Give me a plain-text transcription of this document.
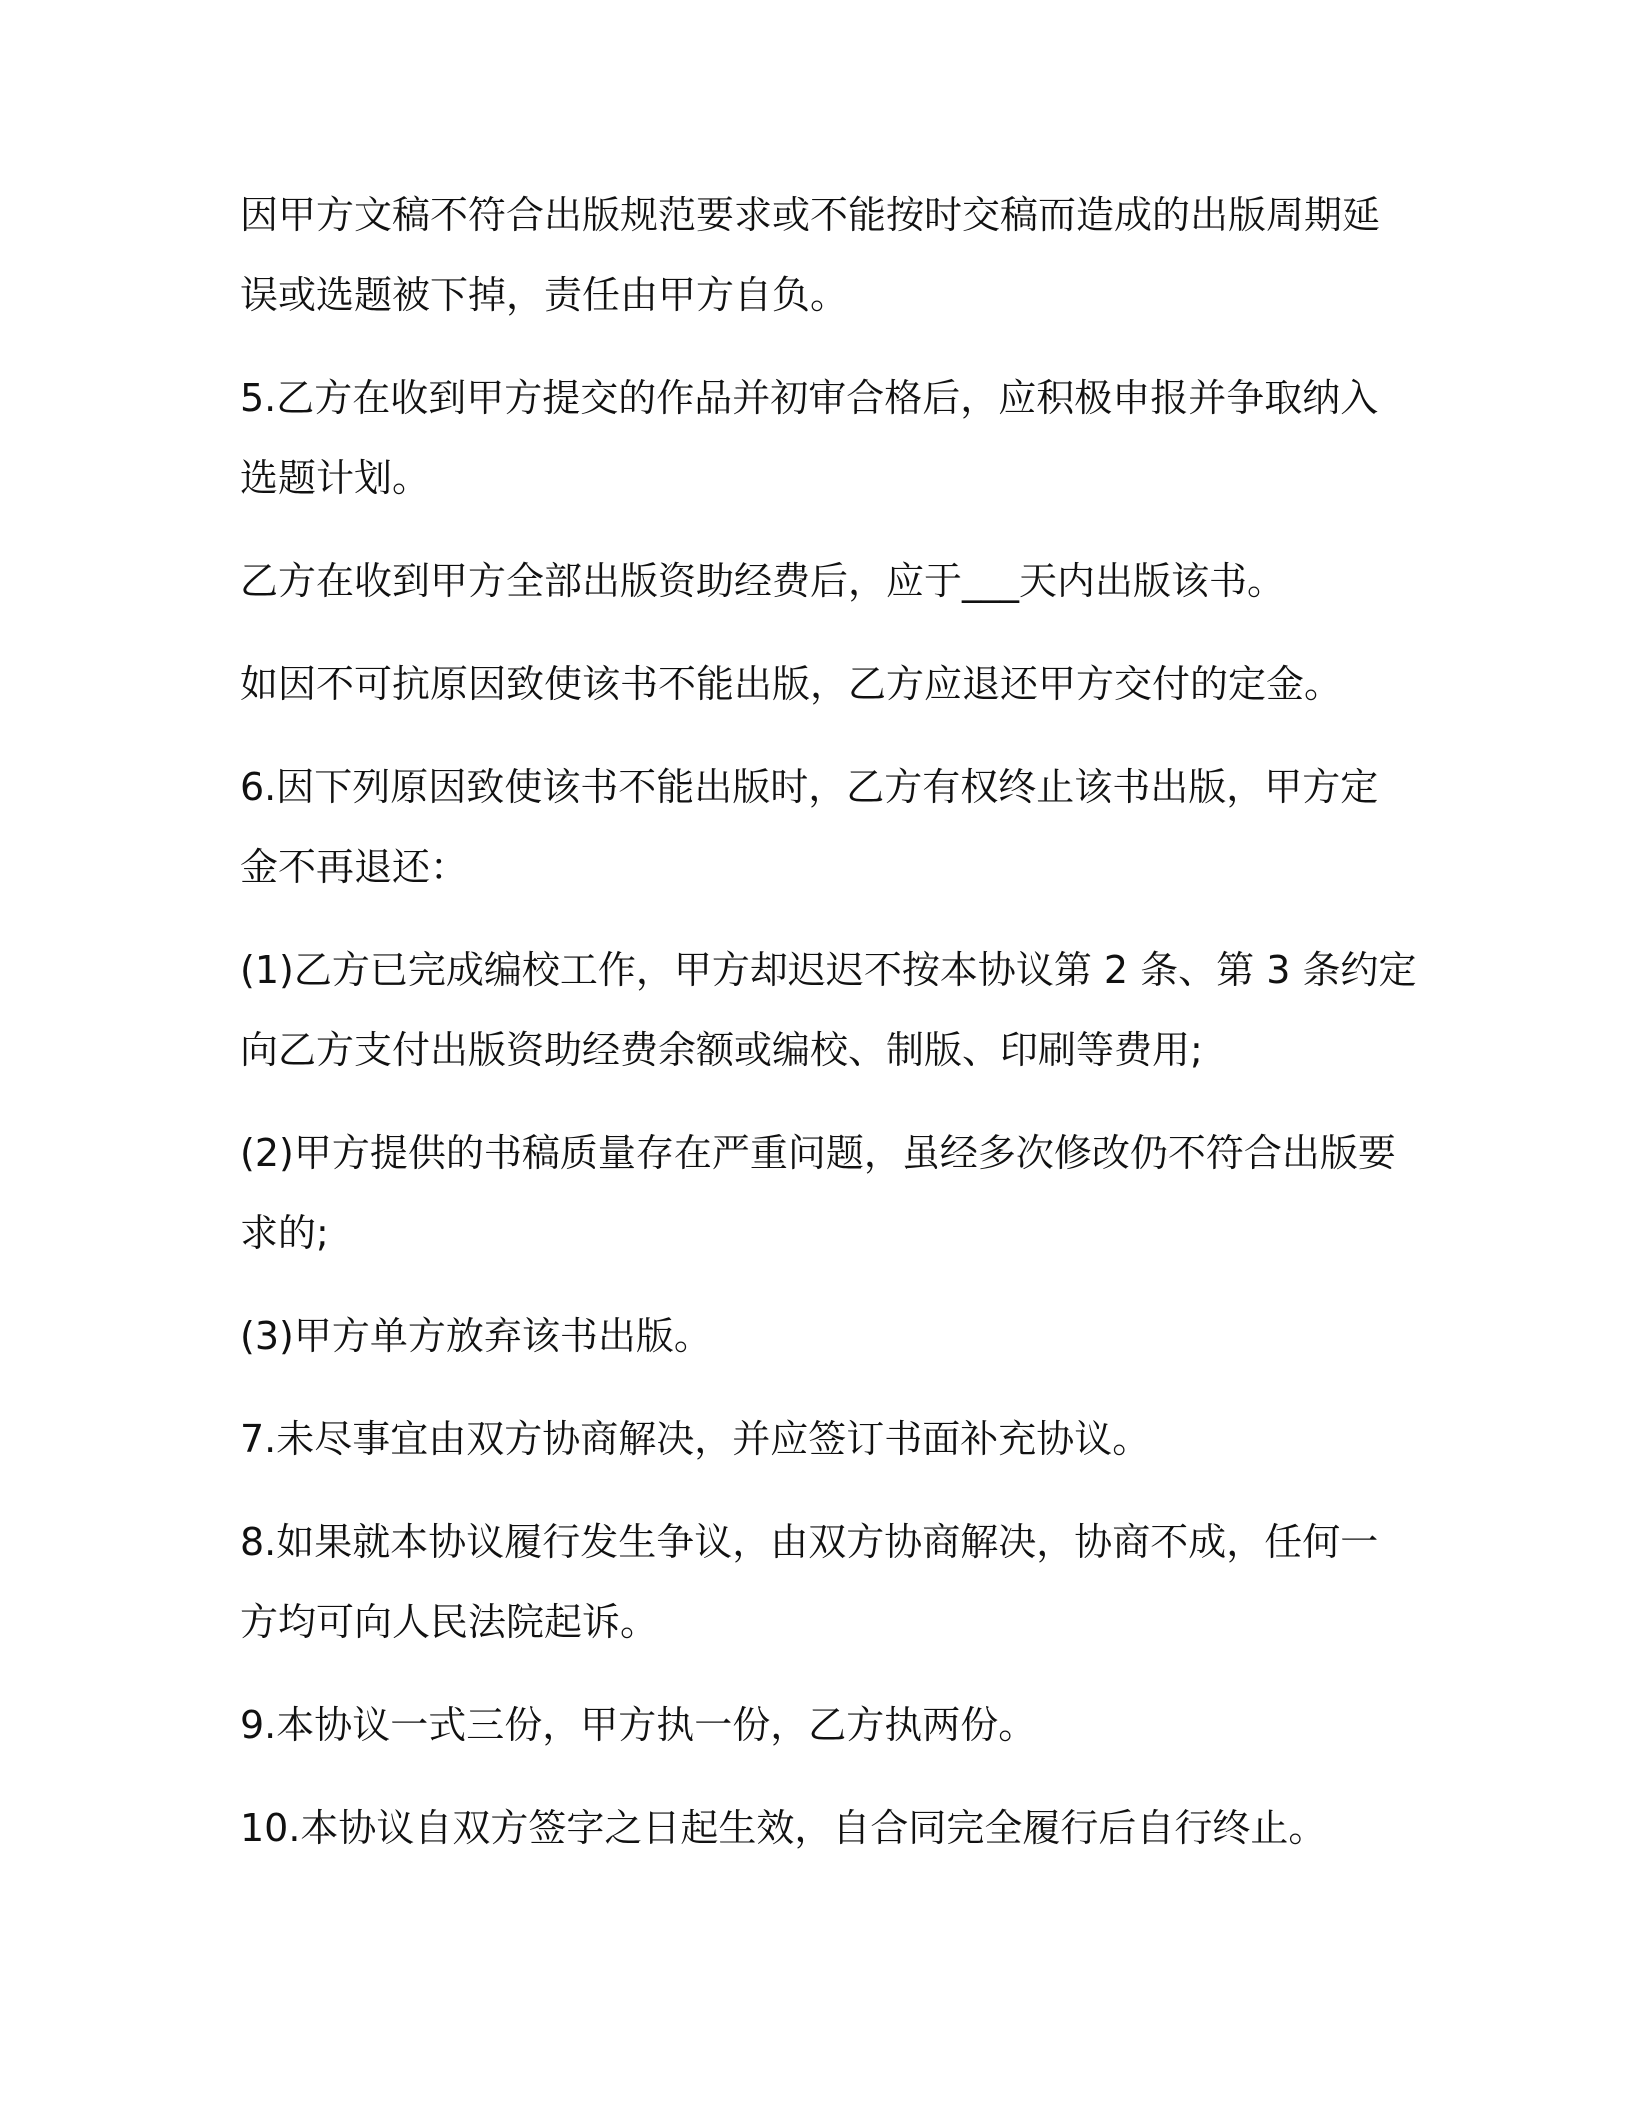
因甲方文稿不符合出版规范要求或不能按时交稿而造成的出版周期延
误或选题被下掉，责任由甲方自负。

5.乙方在收到甲方提交的作品并初审合格后，应积极申报并争取纳入
选题计划。

乙方在收到甲方全部出版资助经费后，应于___天内出版该书。

如因不可抗原因致使该书不能出版，乙方应退还甲方交付的定金。

6.因下列原因致使该书不能出版时，乙方有权终止该书出版，甲方定
金不再退还：

(1)乙方已完成编校工作，甲方却迟迟不按本协议第 2 条、第 3 条约定
向乙方支付出版资助经费余额或编校、制版、印刷等费用;

(2)甲方提供的书稿质量存在严重问题，虽经多次修改仍不符合出版要
求的;

(3)甲方单方放弃该书出版。

7.未尽事宜由双方协商解决，并应签订书面补充协议。

8.如果就本协议履行发生争议，由双方协商解决，协商不成，任何一
方均可向人民法院起诉。

9.本协议一式三份，甲方执一份，乙方执两份。

10.本协议自双方签字之日起生效，自合同完全履行后自行终止。
